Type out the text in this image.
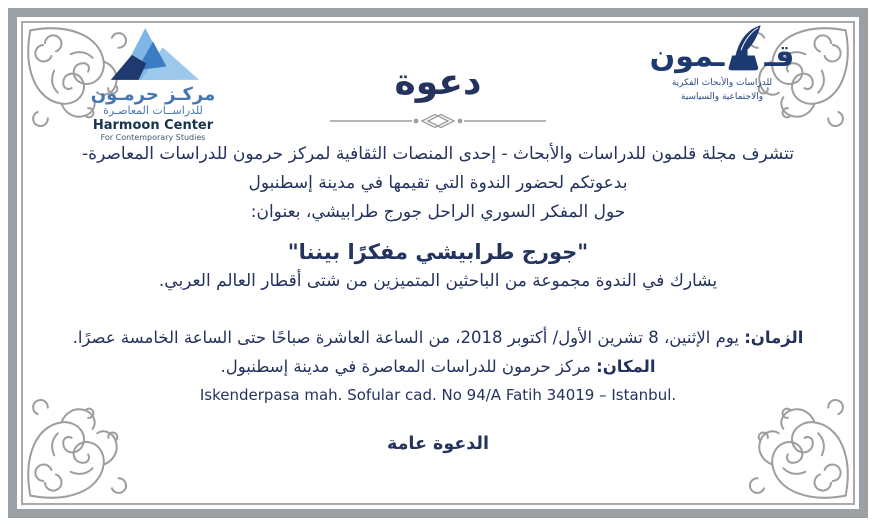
مركـز حرمـون
للدراســات المعاصـرة
Harmoon Center
For Contemporary Studies
قـ
ـمون
للدراسات والأبحاث الفكرية
والاجتماعية والسياسية
دعوة

تتشرف مجلة قلمون للدراسات والأبحاث - إحدى المنصات الثقافية لمركز حرمون للدراسات المعاصرة-

بدعوتكم لحضور الندوة التي تقيمها في مدينة إسطنبول

حول المفكر السوري الراحل جورج طرابيشي، بعنوان:

"جورج طرابيشي مفكرًا بيننا"

يشارك في الندوة مجموعة من الباحثين المتميزين من شتى أقطار العالم العربي.

الزمان: يوم الإثنين، 8 تشرين الأول/ أكتوبر 2018، من الساعة العاشرة صباحًا حتى الساعة الخامسة عصرًا.

المكان: مركز حرمون للدراسات المعاصرة في مدينة إسطنبول.

Iskenderpasa mah. Sofular cad. No 94/A Fatih 34019 – Istanbul.

الدعوة عامة
